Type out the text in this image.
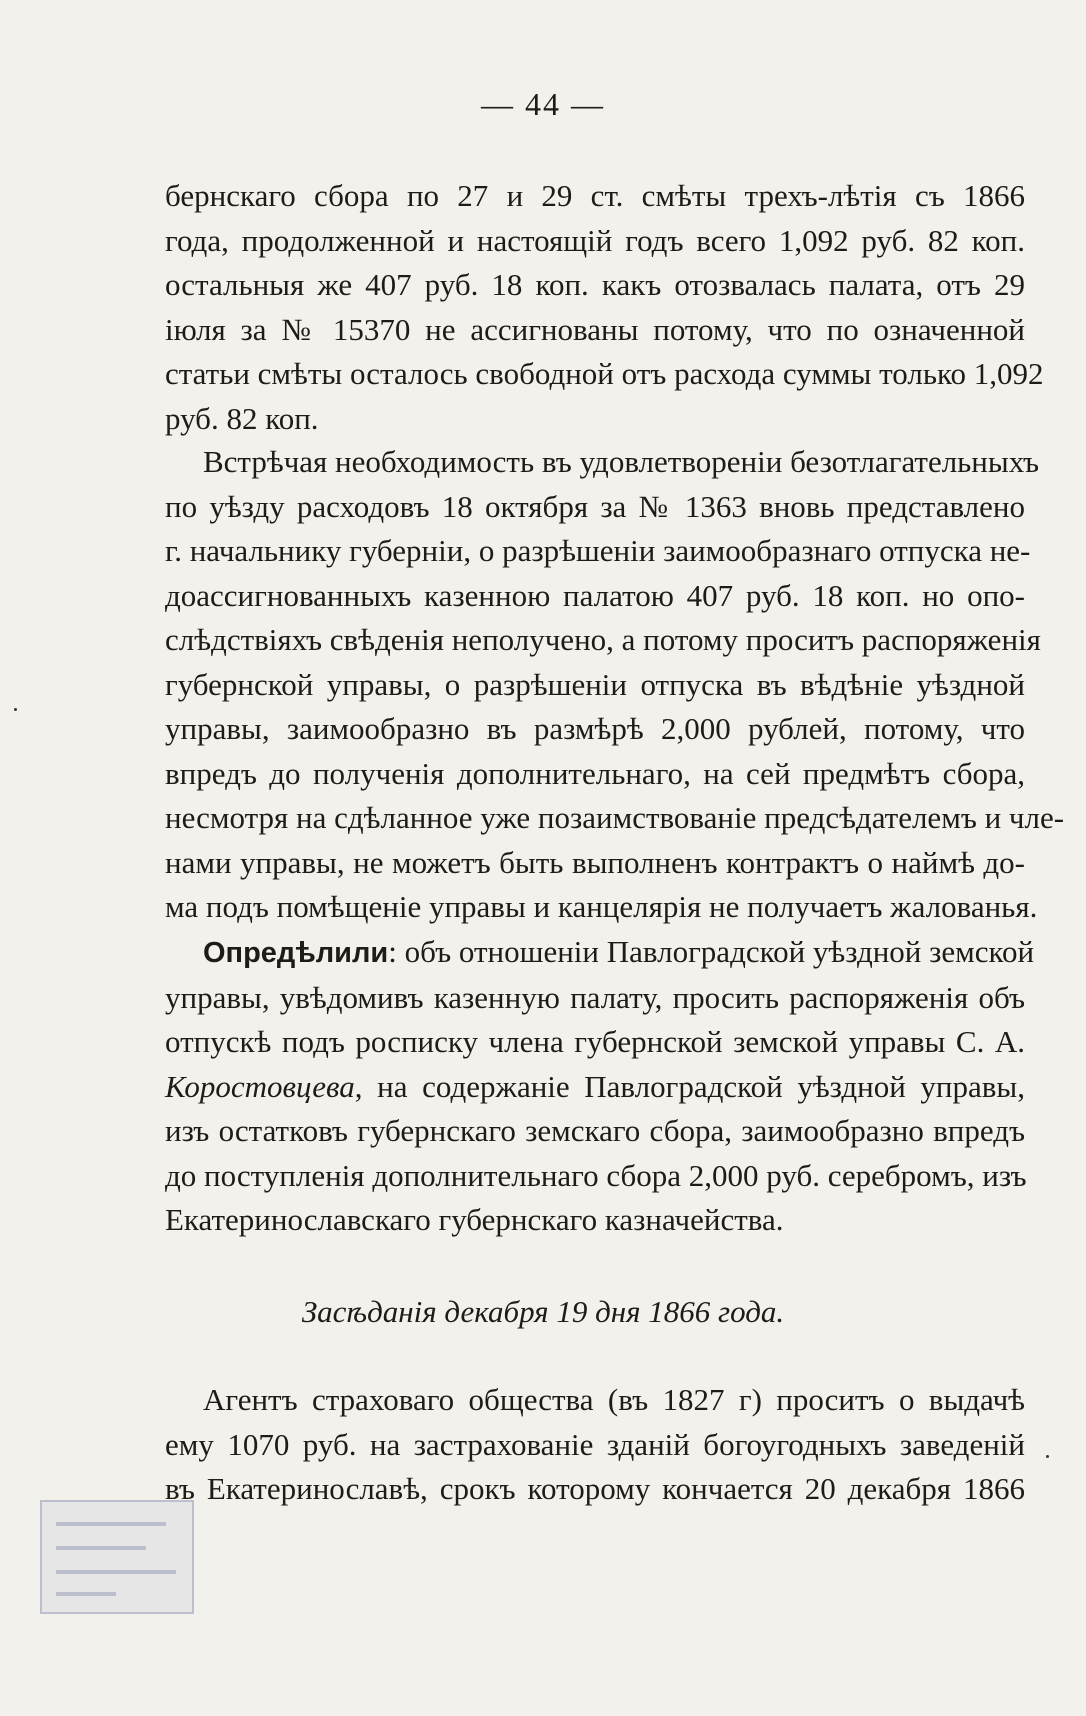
— 44 —
бернскаго сбора по 27 и 29 ст. смѣты трехъ-лѣтія съ 1866
года, продолженной и настоящій годъ всего 1,092 руб. 82 коп.
остальныя же 407 руб. 18 коп. какъ отозвалась палата, отъ 29
іюля за № 15370 не ассигнованы потому, что по означенной
статьи смѣты осталось свободной отъ расхода суммы только 1,092
руб. 82 коп.
Встрѣчая необходимость въ удовлетвореніи безотлагательныхъ
по уѣзду расходовъ 18 октября за № 1363 вновь представлено
г. начальнику губерніи, о разрѣшеніи заимообразнаго отпуска не-
доассигнованныхъ казенною палатою 407 руб. 18 коп. но опо-
слѣдствіяхъ свѣденія неполучено, а потому проситъ распоряженія
губернской управы, о разрѣшеніи отпуска въ вѣдѣніе уѣздной
управы, заимообразно въ размѣрѣ 2,000 рублей, потому, что
впредъ до полученія дополнительнаго, на сей предмѣтъ сбора,
несмотря на сдѣланное уже позаимствованіе предсѣдателемъ и чле-
нами управы, не можетъ быть выполненъ контрактъ о наймѣ до-
ма подъ помѣщеніе управы и канцелярія не получаетъ жалованья.
Опредѣлили: объ отношеніи Павлоградской уѣздной земской
управы, увѣдомивъ казенную палату, просить распоряженія объ
отпускѣ подъ росписку члена губернской земской управы С. А.
Коростовцева, на содержаніе Павлоградской уѣздной управы,
изъ остатковъ губернскаго земскаго сбора, заимообразно впредъ
до поступленія дополнительнаго сбора 2,000 руб. серебромъ, изъ
Екатеринославскаго губернскаго казначейства.
Засѣданія декабря 19 дня 1866 года.
Агентъ страховаго общества (въ 1827 г) проситъ о выдачѣ
ему 1070 руб. на застрахованіе зданій богоугодныхъ заведеній
въ Екатеринославѣ, срокъ которому кончается 20 декабря 1866
